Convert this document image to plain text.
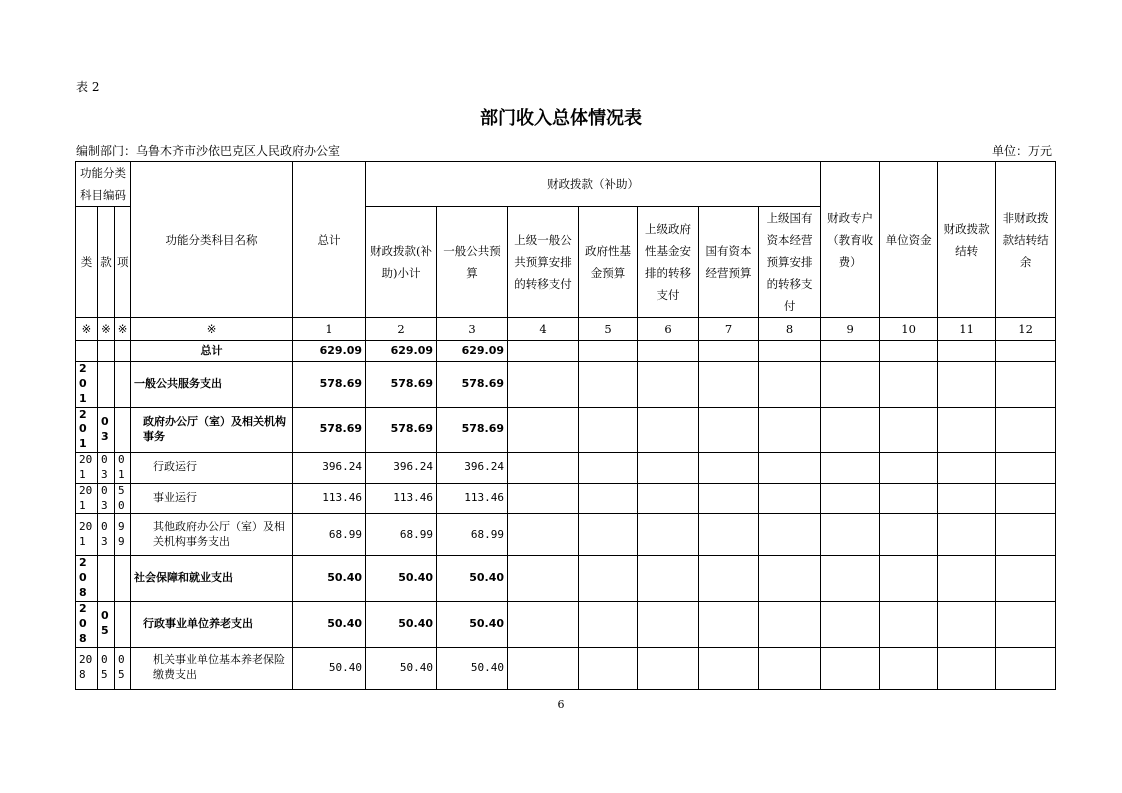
表 2
部门收入总体情况表
编制部门：乌鲁木齐市沙依巴克区人民政府办公室	单位：万元
功能分类科目编码			功能分类科目名称	总计	财政拨款（补助）							财政专户（教育收费）	单位资金	财政拨款结转	非财政拨款结转结余
类	款	项			财政拨款(补助)小计	一般公共预算	上级一般公共预算安排的转移支付	政府性基金预算	上级政府性基金安排的转移支付	国有资本经营预算	上级国有资本经营预算安排的转移支付				
※	※	※	※	1	2	3	4	5	6	7	8	9	10	11	12
			总计	629.09	629.09	629.09									
201			一般公共服务支出	578.69	578.69	578.69									
201	03		政府办公厅（室）及相关机构事务	578.69	578.69	578.69									
201	03	01	行政运行	396.24	396.24	396.24									
201	03	50	事业运行	113.46	113.46	113.46									
201	03	99	其他政府办公厅（室）及相关机构事务支出	68.99	68.99	68.99									
208			社会保障和就业支出	50.40	50.40	50.40									
208	05		行政事业单位养老支出	50.40	50.40	50.40									
208	05	05	机关事业单位基本养老保险缴费支出	50.40	50.40	50.40									
6
